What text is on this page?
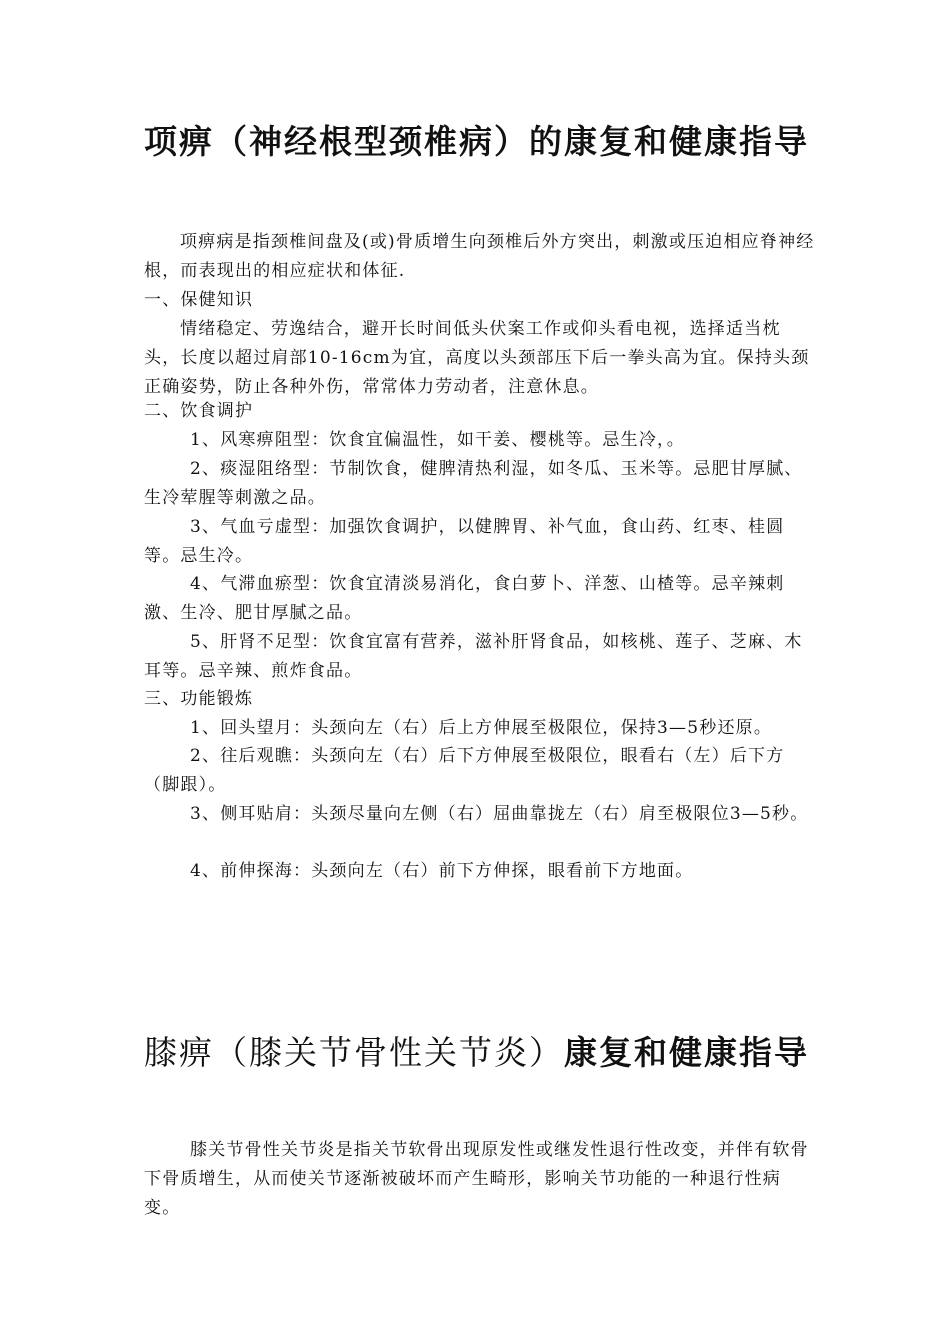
项痹（神经根型颈椎病）的康复和健康指导

项痹病是指颈椎间盘及(或)骨质增生向颈椎后外方突出，刺激或压迫相应脊神经根，而表现出的相应症状和体征.

一、保健知识

情绪稳定、劳逸结合，避开长时间低头伏案工作或仰头看电视，选择适当枕头，长度以超过肩部10-16cm为宜，高度以头颈部压下后一拳头高为宜。保持头颈正确姿势，防止各种外伤，常常体力劳动者，注意休息。

二、饮食调护

1、风寒痹阻型：饮食宜偏温性，如干姜、樱桃等。忌生冷，。

2、痰湿阻络型：节制饮食，健脾清热利湿，如冬瓜、玉米等。忌肥甘厚腻、生冷荤腥等刺激之品。

3、气血亏虚型：加强饮食调护，以健脾胃、补气血，食山药、红枣、桂圆等。忌生冷。

4、气滞血瘀型：饮食宜清淡易消化，食白萝卜、洋葱、山楂等。忌辛辣刺激、生冷、肥甘厚腻之品。

5、肝肾不足型：饮食宜富有营养，滋补肝肾食品，如核桃、莲子、芝麻、木耳等。忌辛辣、煎炸食品。

三、功能锻炼

1、回头望月：头颈向左（右）后上方伸展至极限位，保持3—5秒还原。

2、往后观瞧：头颈向左（右）后下方伸展至极限位，眼看右（左）后下方（脚跟）。

3、侧耳贴肩：头颈尽量向左侧（右）屈曲靠拢左（右）肩至极限位3—5秒。

4、前伸探海：头颈向左（右）前下方伸探，眼看前下方地面。

膝痹（膝关节骨性关节炎）康复和健康指导

膝关节骨性关节炎是指关节软骨出现原发性或继发性退行性改变，并伴有软骨下骨质增生，从而使关节逐渐被破坏而产生畸形，影响关节功能的一种退行性病变。
